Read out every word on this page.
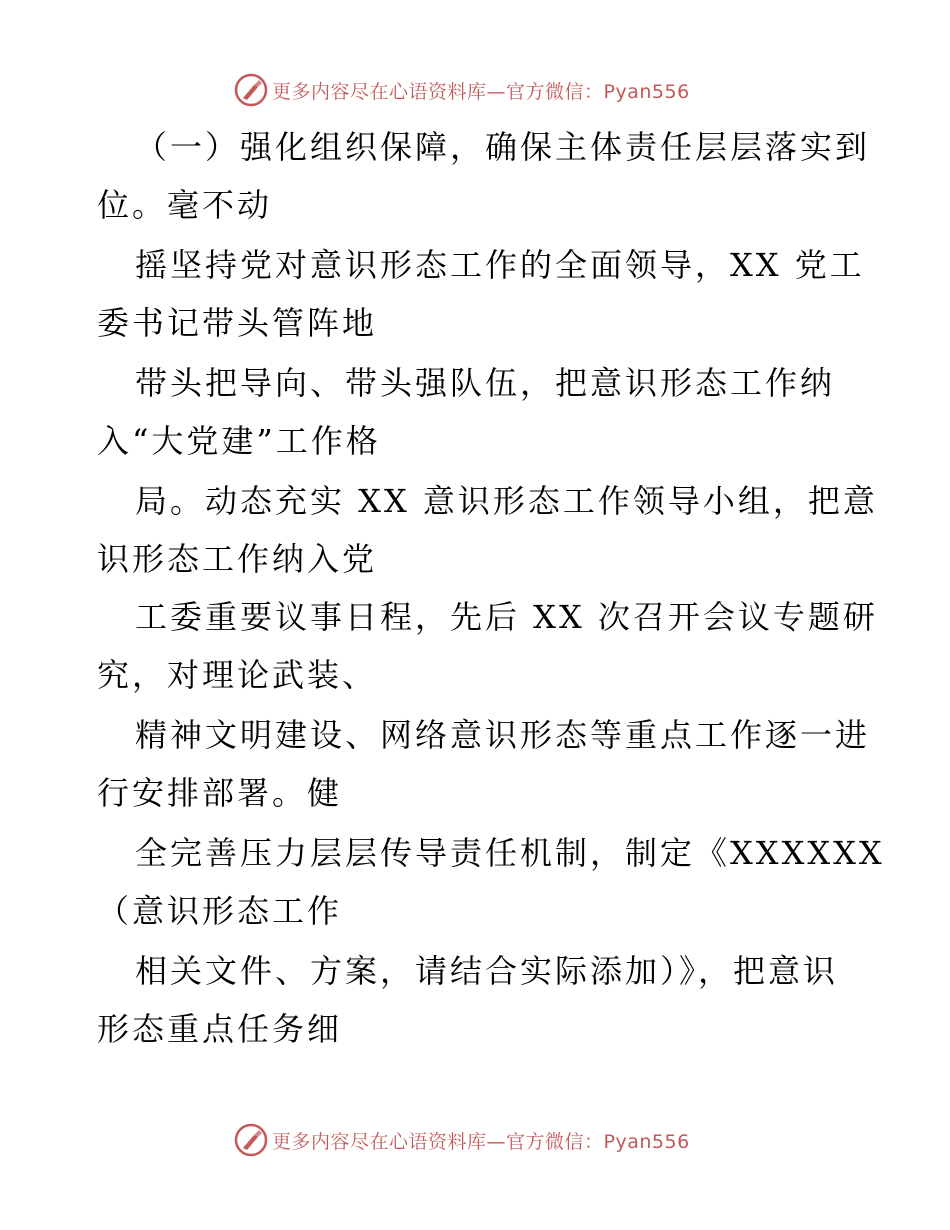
更多内容尽在心语资料库—官方微信：Pyan556
（一）强化组织保障，确保主体责任层层落实到
位。毫不动
摇坚持党对意识形态工作的全面领导，XX 党工
委书记带头管阵地
带头把导向、带头强队伍，把意识形态工作纳
入“大党建”工作格
局。动态充实 XX 意识形态工作领导小组，把意
识形态工作纳入党
工委重要议事日程，先后 XX 次召开会议专题研
究，对理论武装、
精神文明建设、网络意识形态等重点工作逐一进
行安排部署。健
全完善压力层层传导责任机制，制定《XXXXXX
（意识形态工作
相关文件、方案，请结合实际添加）》，把意识
形态重点任务细
更多内容尽在心语资料库—官方微信：Pyan556
